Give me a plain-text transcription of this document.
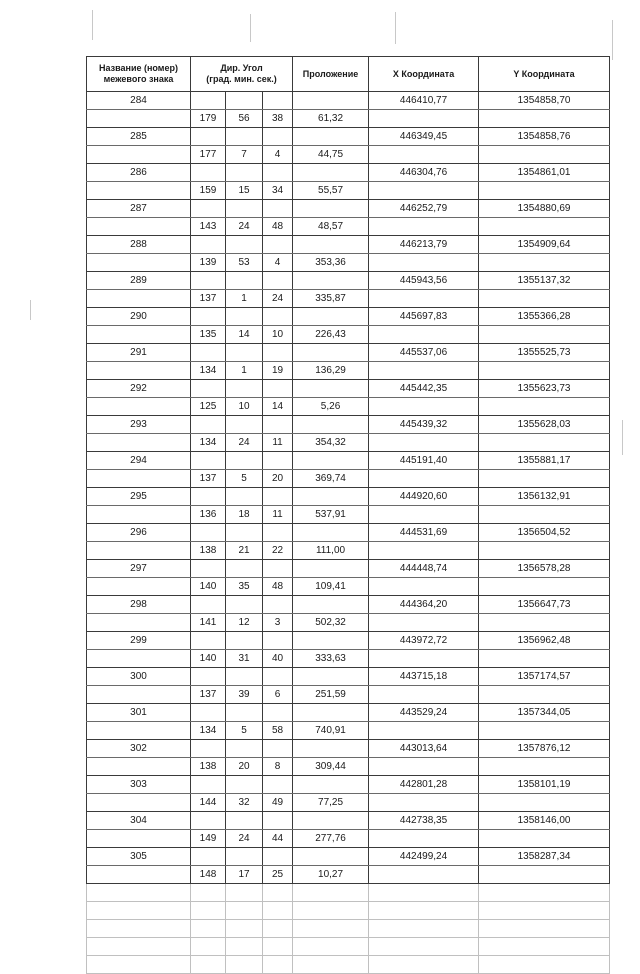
Название (номер) межевого знака	Дир. Угол
(град. мин. сек.)			Проложение	X Координата	Y Координата
284					446410,77	1354858,70
	179	56	38	61,32		
285					446349,45	1354858,76
	177	7	4	44,75		
286					446304,76	1354861,01
	159	15	34	55,57		
287					446252,79	1354880,69
	143	24	48	48,57		
288					446213,79	1354909,64
	139	53	4	353,36		
289					445943,56	1355137,32
	137	1	24	335,87		
290					445697,83	1355366,28
	135	14	10	226,43		
291					445537,06	1355525,73
	134	1	19	136,29		
292					445442,35	1355623,73
	125	10	14	5,26		
293					445439,32	1355628,03
	134	24	11	354,32		
294					445191,40	1355881,17
	137	5	20	369,74		
295					444920,60	1356132,91
	136	18	11	537,91		
296					444531,69	1356504,52
	138	21	22	111,00		
297					444448,74	1356578,28
	140	35	48	109,41		
298					444364,20	1356647,73
	141	12	3	502,32		
299					443972,72	1356962,48
	140	31	40	333,63		
300					443715,18	1357174,57
	137	39	6	251,59		
301					443529,24	1357344,05
	134	5	58	740,91		
302					443013,64	1357876,12
	138	20	8	309,44		
303					442801,28	1358101,19
	144	32	49	77,25		
304					442738,35	1358146,00
	149	24	44	277,76		
305					442499,24	1358287,34
	148	17	25	10,27		
